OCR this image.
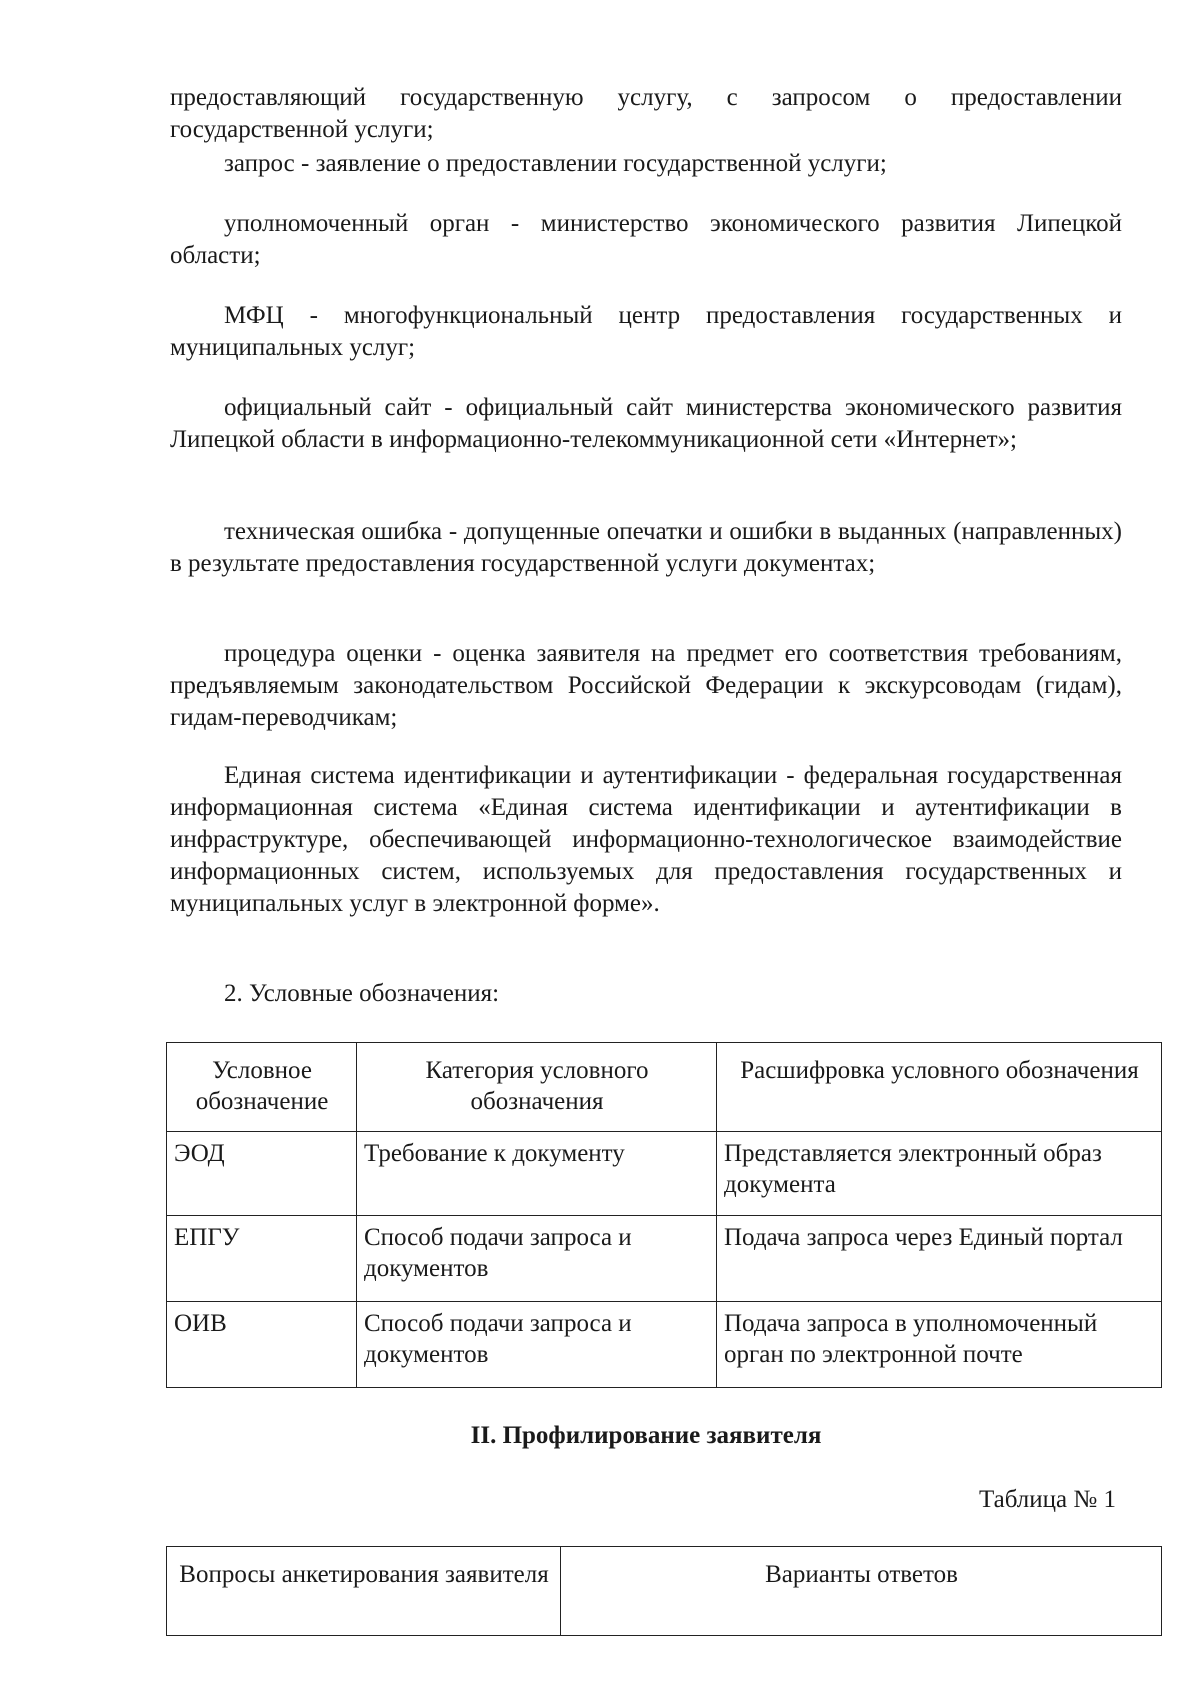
предоставляющий государственную услугу, с запросом о предоставлении государственной услуги;

запрос - заявление о предоставлении государственной услуги;

уполномоченный орган - министерство экономического развития Липецкой области;

МФЦ - многофункциональный центр предоставления государственных и муниципальных услуг;

официальный сайт - официальный сайт министерства экономического развития Липецкой области в информационно-телекоммуникационной сети «Интернет»;

техническая ошибка - допущенные опечатки и ошибки в выданных (направленных) в результате предоставления государственной услуги документах;

процедура оценки - оценка заявителя на предмет его соответствия требованиям, предъявляемым законодательством Российской Федерации к экскурсоводам (гидам), гидам-переводчикам;

Единая система идентификации и аутентификации - федеральная государственная информационная система «Единая система идентификации и аутентификации в инфраструктуре, обеспечивающей информационно-технологическое взаимодействие информационных систем, используемых для предоставления государственных и муниципальных услуг в электронной форме».

2. Условные обозначения:
Условное обозначение	Категория условного обозначения	Расшифровка условного обозначения
ЭОД	Требование к документу	Представляется электронный образ документа
ЕПГУ	Способ подачи запроса и документов	Подача запроса через Единый портал
ОИВ	Способ подачи запроса и документов	Подача запроса в уполномоченный орган по электронной почте
II. Профилирование заявителя
Таблица № 1
Вопросы анкетирования заявителя	Варианты ответов
